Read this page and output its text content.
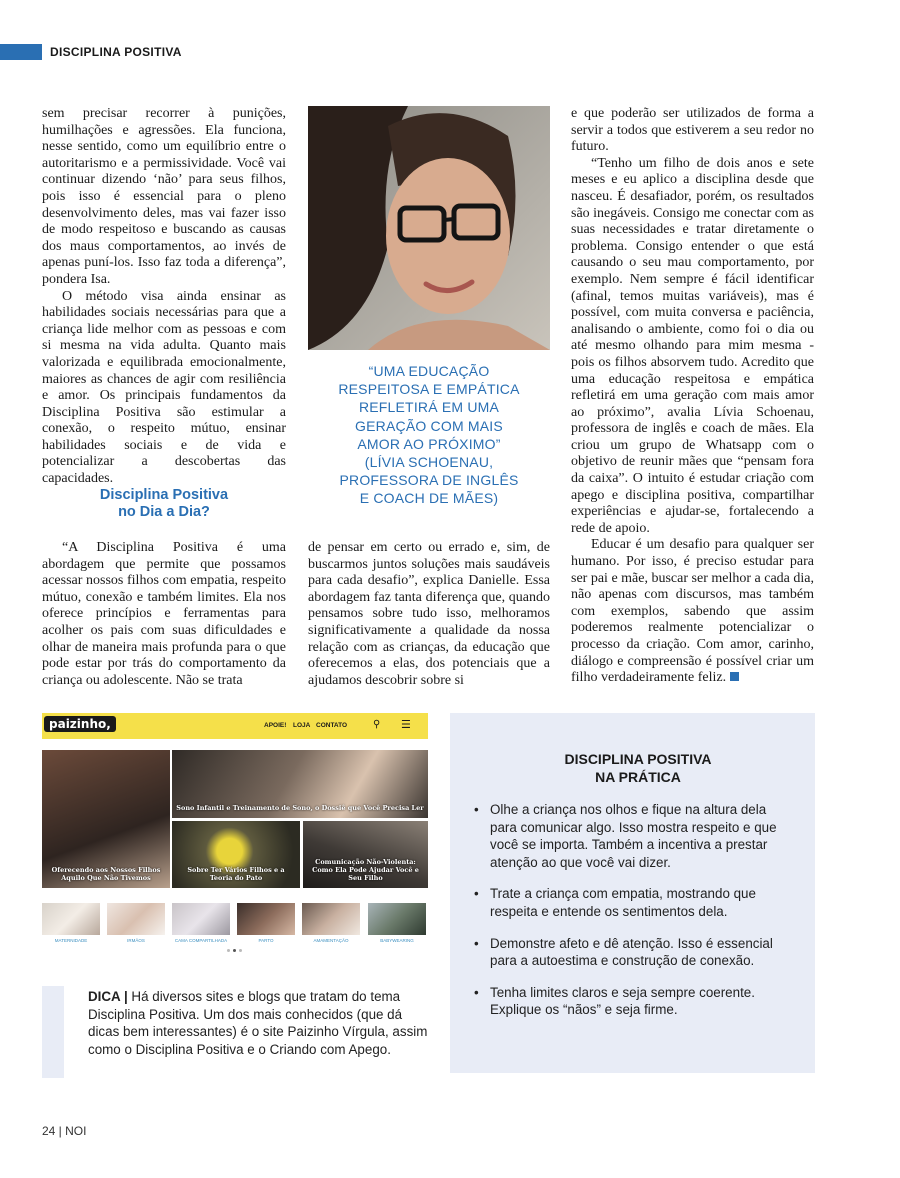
DISCIPLINA POSITIVA

sem precisar recorrer à punições, humilhações e agressões. Ela funciona, nesse sentido, como um equilíbrio entre o autoritarismo e a permissividade. Você vai continuar dizendo ‘não’ para seus filhos, pois isso é essencial para o pleno desenvolvimento deles, mas vai fazer isso de modo respeitoso e buscando as causas dos maus comportamentos, ao invés de apenas puní-los. Isso faz toda a diferença”, pondera Isa.

O método visa ainda ensinar as habilidades sociais necessárias para que a criança lide melhor com as pessoas e com si mesma na vida adulta. Quanto mais valorizada e equilibrada emocionalmente, maiores as chances de agir com resiliência e amor. Os principais fundamentos da Disciplina Positiva são estimular a conexão, o respeito mútuo, ensinar habilidades sociais e de vida e potencializar a descobertas das capacidades.

Disciplina Positiva
no Dia a Dia?

“A Disciplina Positiva é uma abordagem que permite que possamos acessar nossos filhos com empatia, respeito mútuo, conexão e também limites. Ela nos oferece princípios e ferramentas para acolher os pais com suas dificuldades e olhar de maneira mais profunda para o que pode estar por trás do comportamento da criança ou adolescente. Não se trata

“UMA EDUCAÇÃO
RESPEITOSA E EMPÁTICA
REFLETIRÁ EM UMA
GERAÇÃO COM MAIS
AMOR AO PRÓXIMO”
(LÍVIA SCHOENAU,
PROFESSORA DE INGLÊS
E COACH DE MÃES)

de pensar em certo ou errado e, sim, de buscarmos juntos soluções mais saudáveis para cada desafio”, explica Danielle. Essa abordagem faz tanta diferença que, quando pensamos sobre tudo isso, melhoramos significativamente a qualidade da nossa relação com as crianças, da educação que oferecemos a elas, dos potenciais que a ajudamos descobrir sobre si

e que poderão ser utilizados de forma a servir a todos que estiverem a seu redor no futuro.

“Tenho um filho de dois anos e sete meses e eu aplico a disciplina desde que nasceu. É desafiador, porém, os resultados são inegáveis. Consigo me conectar com as suas necessidades e tratar diretamente o problema. Consigo entender o que está causando o seu mau comportamento, por exemplo. Nem sempre é fácil identificar (afinal, temos muitas variáveis), mas é possível, com muita conversa e paciência, analisando o ambiente, como foi o dia ou até mesmo olhando para mim mesma - pois os filhos absorvem tudo. Acredito que uma educação respeitosa e empática refletirá em uma geração com mais amor ao próximo”, avalia Lívia Schoenau, professora de inglês e coach de mães. Ela criou um grupo de Whatsapp com o objetivo de reunir mães que “pensam fora da caixa”. O intuito é estudar criação com apego e disciplina positiva, compartilhar experiências e ajudar-se, fortalecendo a rede de apoio.

Educar é um desafio para qualquer ser humano. Por isso, é preciso estudar para ser pai e mãe, buscar ser melhor a cada dia, não apenas com discursos, mas também com exemplos, sabendo que assim poderemos realmente potencializar o processo da criação. Com amor, carinho, diálogo e compreensão é possível criar um filho verdadeiramente feliz.

paizinho,	APOIE! LOJA CONTATO	⚲ ☰
Oferecendo aos Nossos Filhos Aquilo Que Não Tivemos
Sono Infantil e Treinamento de Sono, o Dossiê que Você Precisa Ler
Sobre Ter Vários Filhos e a Teoria do Pato
Comunicação Não-Violenta: Como Ela Pode Ajudar Você e Seu Filho
MATERNIDADE	IRMÃOS	CAMA COMPARTILHADA	PARTO	AMAMENTAÇÃO	BABYWEARING
DISCIPLINA POSITIVA
NA PRÁTICA
• Olhe a criança nos olhos e fique na altura dela para comunicar algo. Isso mostra respeito e que você se importa. Também a incentiva a prestar atenção ao que você vai dizer.
• Trate a criança com empatia, mostrando que respeita e entende os sentimentos dela.
• Demonstre afeto e dê atenção. Isso é essencial para a autoestima e construção de conexão.
• Tenha limites claros e seja sempre coerente. Explique os “nãos” e seja firme.
DICA | Há diversos sites e blogs que tratam do tema Disciplina Positiva. Um dos mais conhecidos (que dá dicas bem interessantes) é o site Paizinho Vírgula, assim como o Disciplina Positiva e o Criando com Apego.
24 | NOI
